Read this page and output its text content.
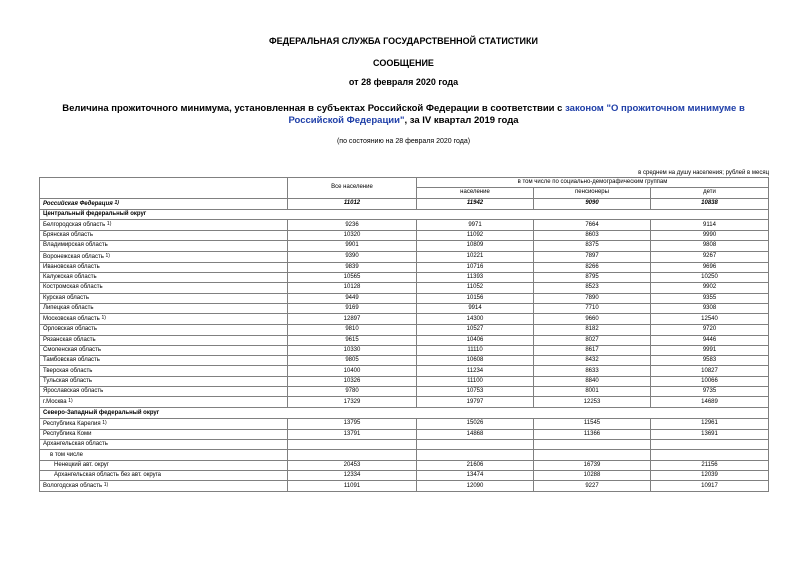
ФЕДЕРАЛЬНАЯ СЛУЖБА ГОСУДАРСТВЕННОЙ СТАТИСТИКИ
СООБЩЕНИЕ
от 28 февраля 2020 года
Величина прожиточного минимума, установленная в субъектах Российской Федерации в соответствии с законом "О прожиточном минимуме в Российской Федерации", за IV квартал 2019 года
(по состоянию на 28 февраля 2020 года)
в среднем на душу населения; рублей в месяц
	Все население	в том числе по социально-демографическим группам		
		население	пенсионеры	дети
Российская Федерация 1)	11012	11942	9090	10838
Центральный федеральный округ				
Белгородская область 1)	9236	9971	7664	9114
Брянская область	10320	11092	8603	9990
Владимирская область	9901	10809	8375	9808
Воронежская область 1)	9390	10221	7897	9267
Ивановская область	9839	10716	8266	9696
Калужская область	10565	11393	8795	10250
Костромская область	10128	11052	8523	9902
Курская область	9449	10156	7890	9355
Липецкая область	9169	9914	7710	9308
Московская область 1)	12897	14300	9660	12540
Орловская область	9810	10527	8182	9720
Рязанская область	9615	10406	8027	9446
Смоленская область	10330	11110	8617	9991
Тамбовская область	9805	10608	8432	9583
Тверская область	10400	11234	8633	10827
Тульская область	10326	11100	8840	10066
Ярославская область	9780	10753	8001	9735
г.Москва 1)	17329	19797	12253	14689
Северо-Западный федеральный округ				
Республика Карелия 1)	13795	15026	11545	12961
Республика Коми	13791	14868	11366	13691
Архангельская область				
в том числе				
Ненецкий авт. округ	20453	21606	16739	21156
Архангельская область без авт. округа	12334	13474	10288	12039
Вологодская область 1)	11091	12090	9227	10917
